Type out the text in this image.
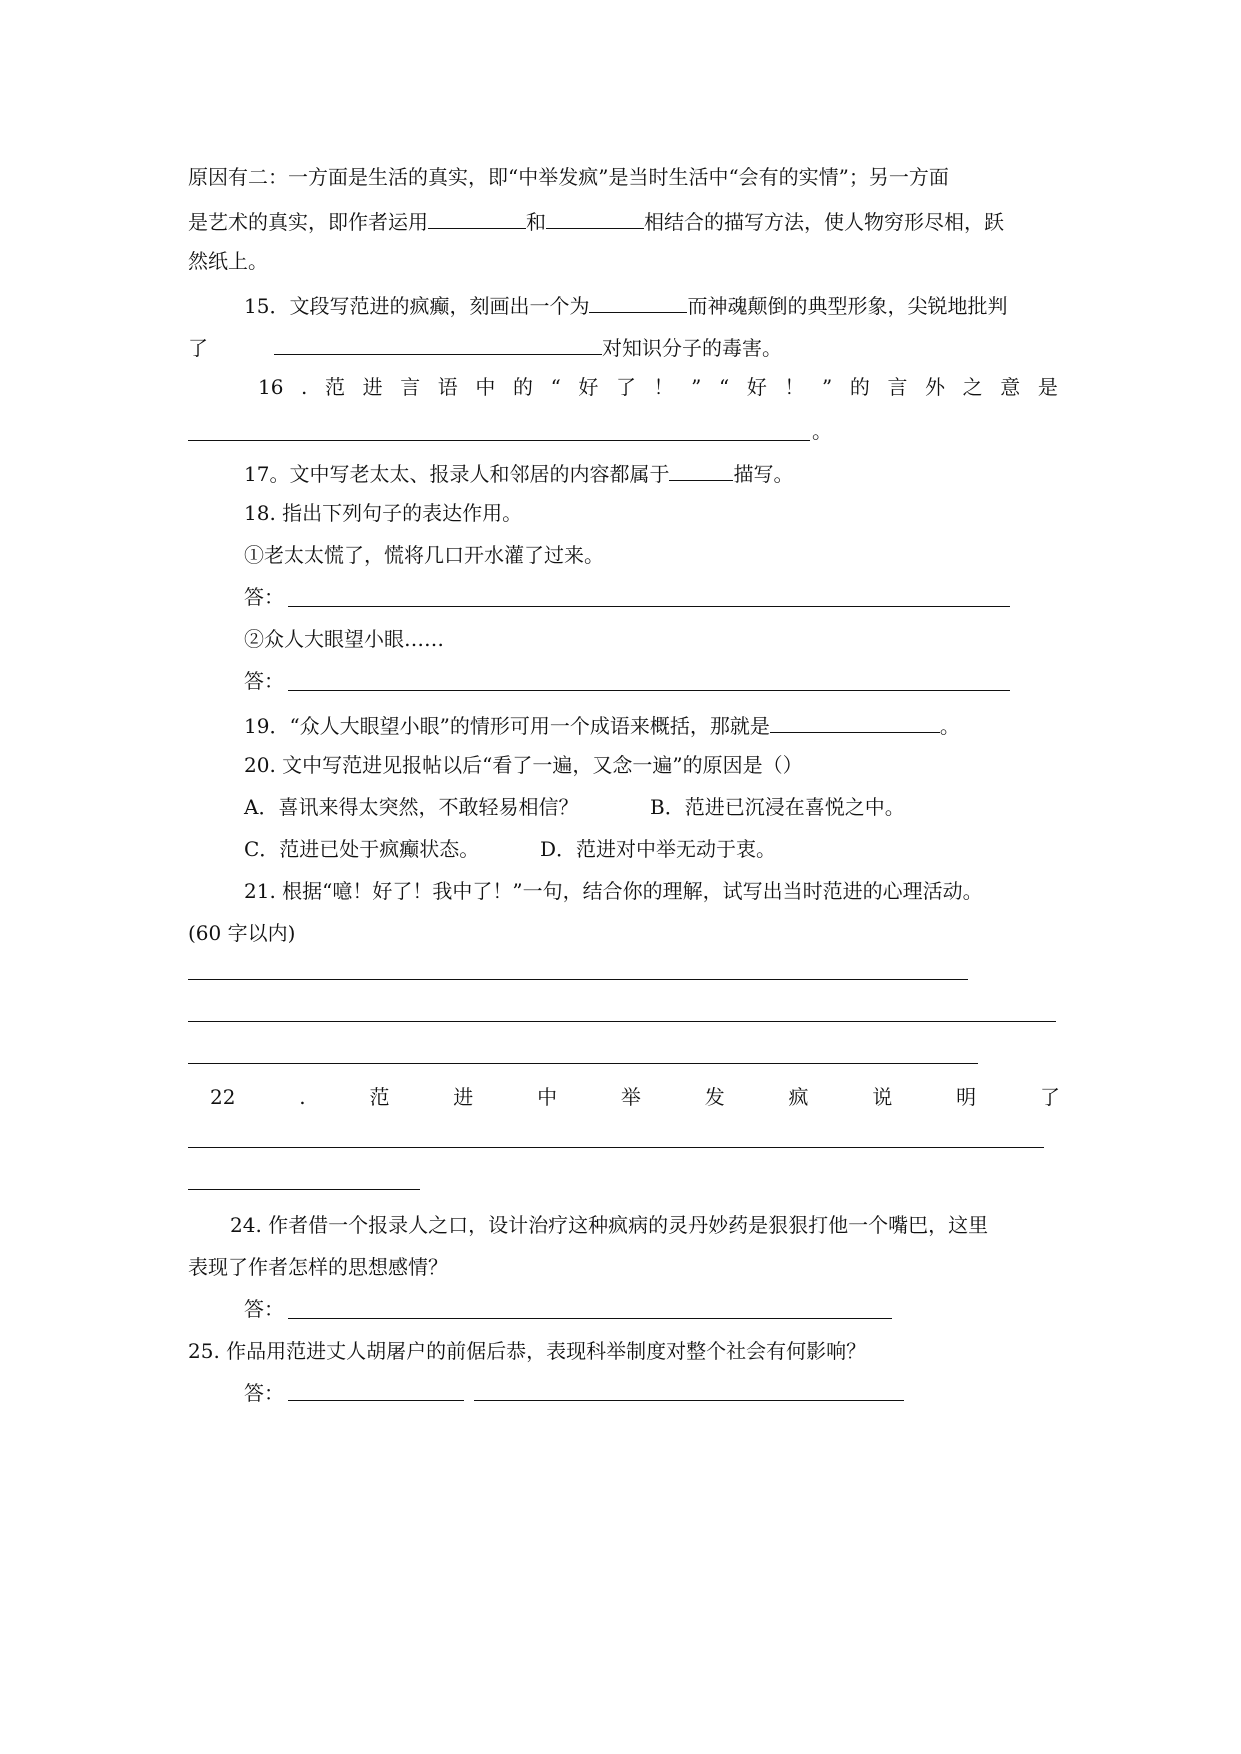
原因有二：一方面是生活的真实，即“中举发疯”是当时生活中“会有的实情”；另一方面
是艺术的真实，即作者运用	和	相结合的描写方法，使人物穷形尽相，跃
然纸上。
15．文段写范进的疯癫，刻画出一个为	而神魂颠倒的典型形象，尖锐地批判
了	对知识分子的毒害。
16 . 范 进 言 语 中 的 “ 好 了 ！ ” “ 好 ！ ” 的 言 外 之 意 是
。
17。文中写老太太、报录人和邻居的内容都属于	描写。
18. 指出下列句子的表达作用。
①老太太慌了，慌将几口开水灌了过来。
答：
②众人大眼望小眼……
答：
19．“众人大眼望小眼”的情形可用一个成语来概括，那就是	。
20. 文中写范进见报帖以后“看了一遍，又念一遍”的原因是（）
A．喜讯来得太突然，不敢轻易相信？	B．范进已沉浸在喜悦之中。
C．范进已处于疯癫状态。	D．范进对中举无动于衷。
21. 根据“噫！好了！我中了！”一句，结合你的理解，试写出当时范进的心理活动。
(60 字以内)
22	.	范	进	中	举	发	疯	说	明	了
24. 作者借一个报录人之口，设计治疗这种疯病的灵丹妙药是狠狠打他一个嘴巴，这里
表现了作者怎样的思想感情？
答：
25. 作品用范进丈人胡屠户的前倨后恭，表现科举制度对整个社会有何影响？
答：
